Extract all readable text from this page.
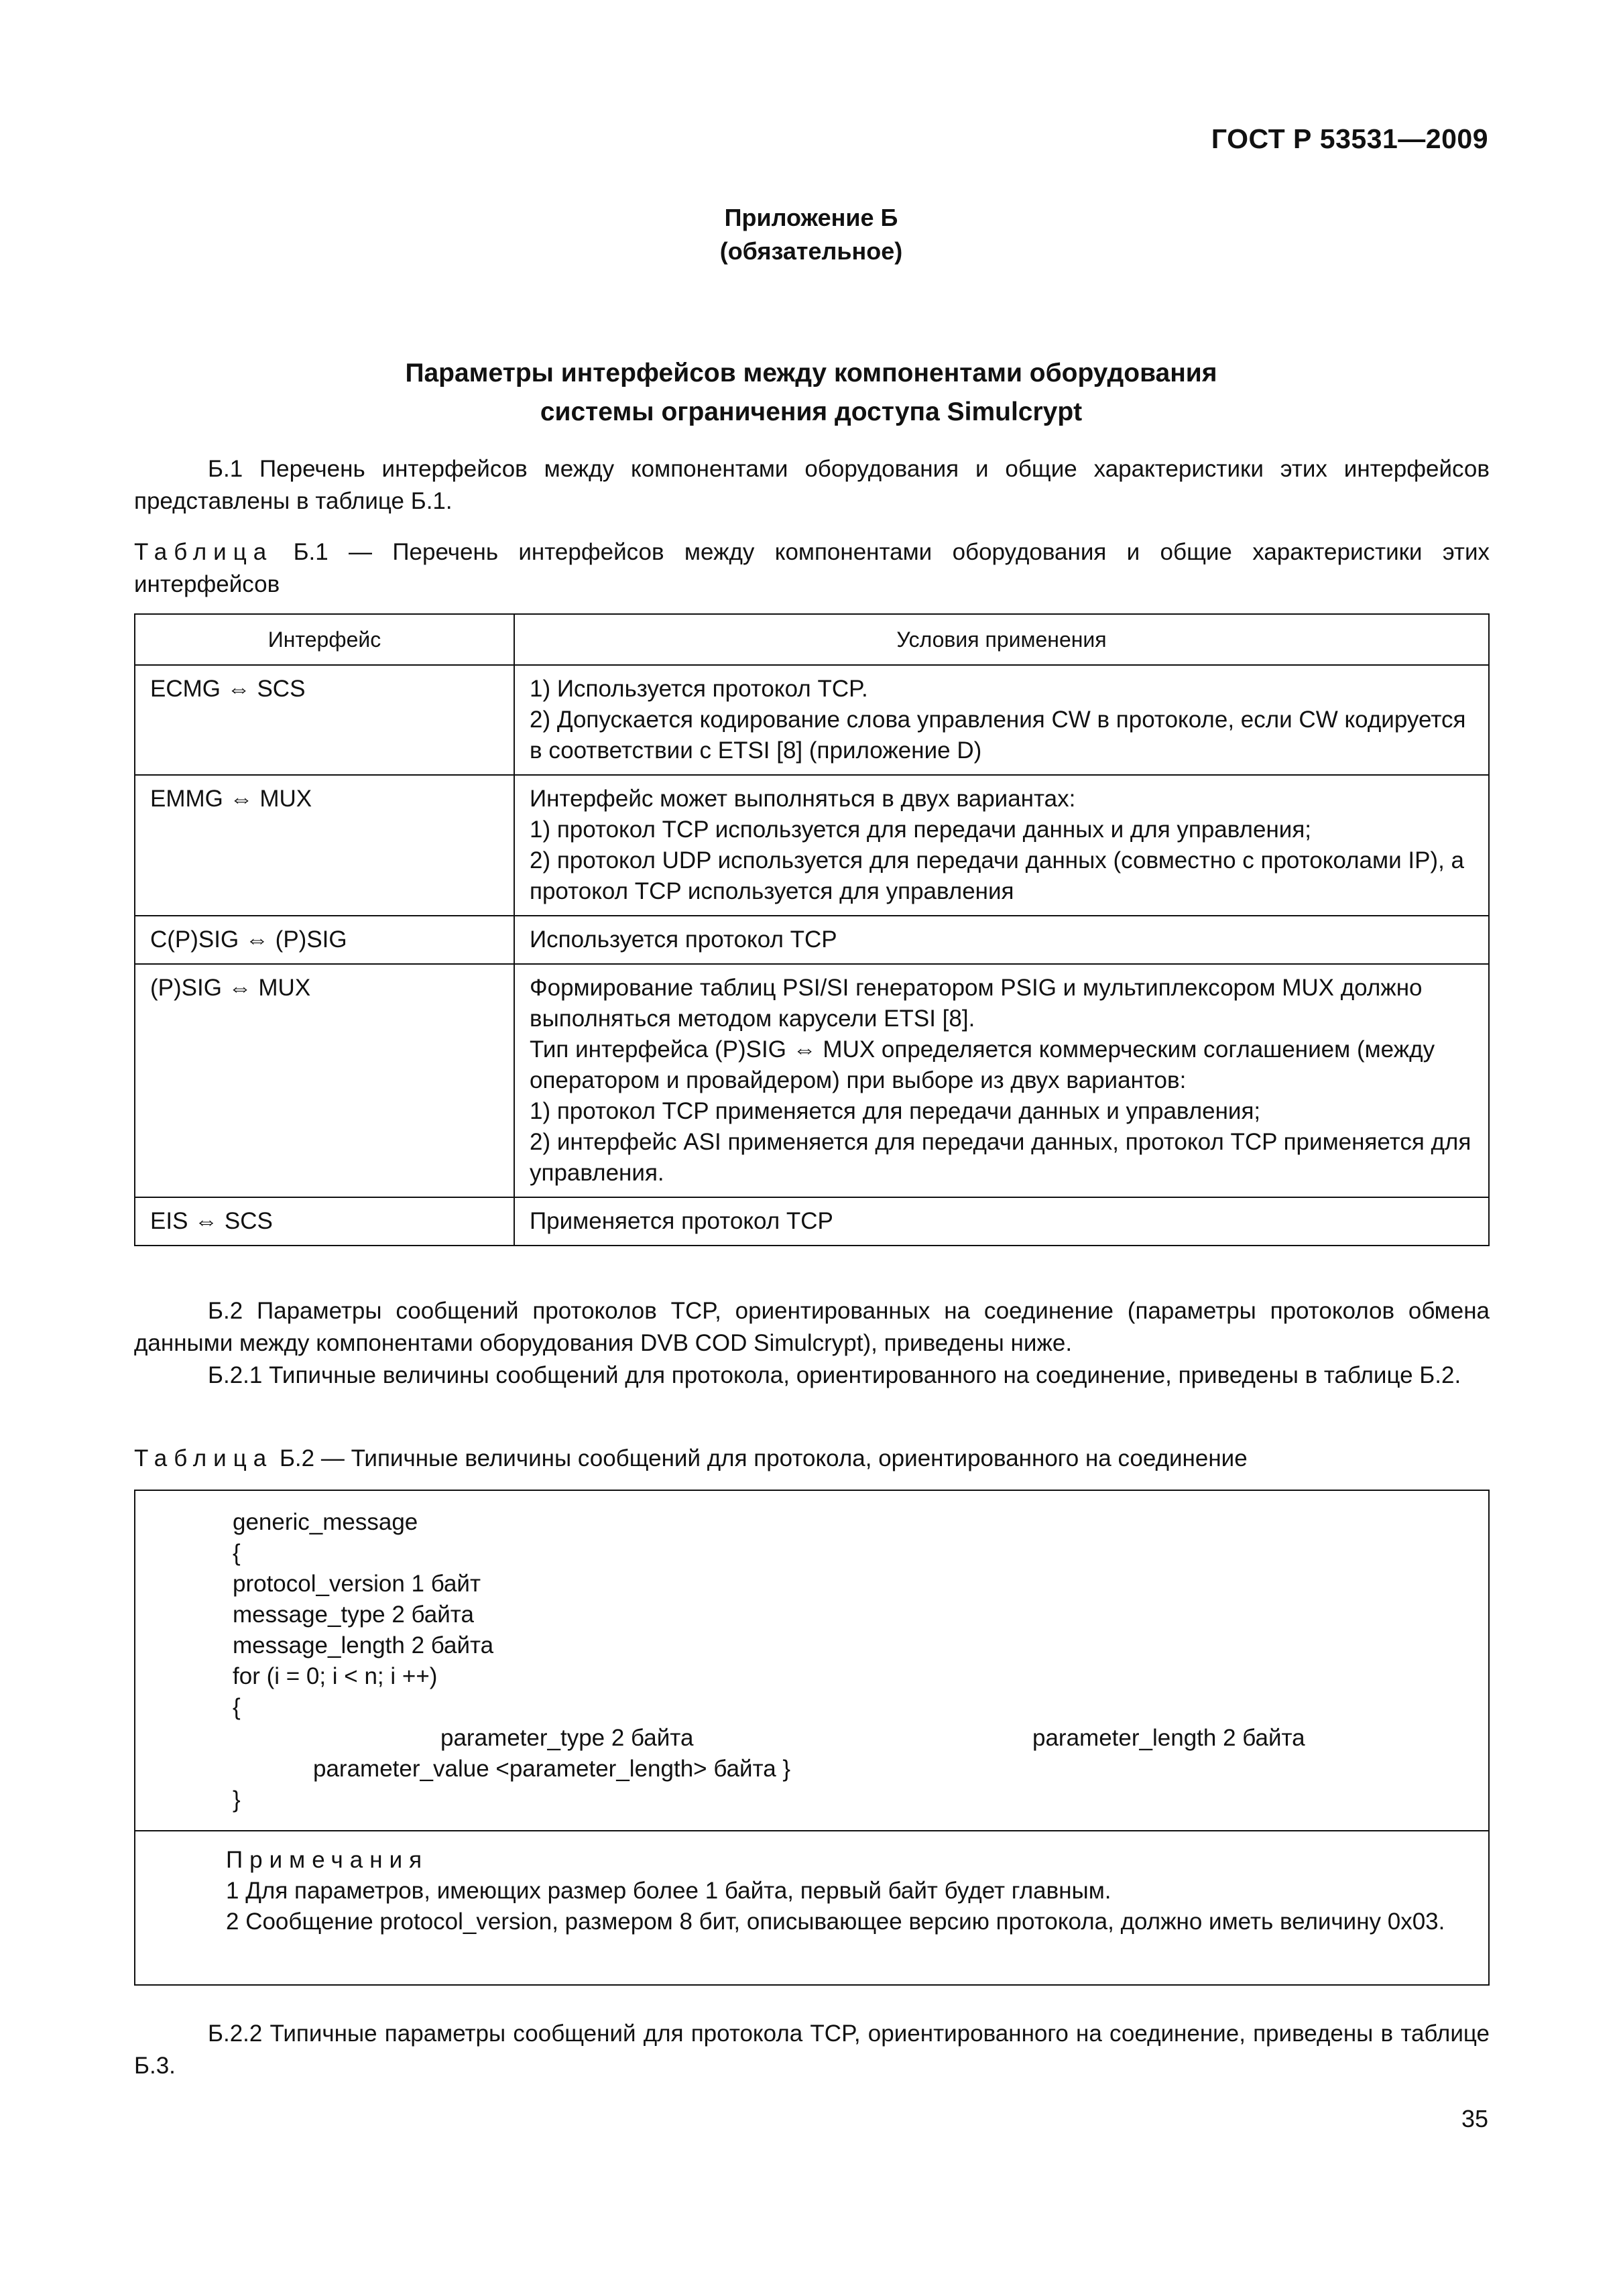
ГОСТ Р 53531—2009
Приложение Б
(обязательное)
Параметры интерфейсов между компонентами оборудования
системы ограничения доступа Simulcrypt

Б.1 Перечень интерфейсов между компонентами оборудования и общие характеристики этих интерфейсов представлены в таблице Б.1.

Таблица Б.1 — Перечень интерфейсов между компонентами оборудования и общие характеристики этих интерфейсов

Интерфейс	Условия применения
ECMG ⇔ SCS	1) Используется протокол TCP.

2) Допускается кодирование слова управления CW в протоколе, если CW кодируется в соответствии с ETSI [8] (приложение D)

EMMG ⇔ MUX	Интерфейс может выполняться в двух вариантах:

1) протокол TCP используется для передачи данных и для управления;

2) протокол UDP используется для передачи данных (совместно с протоколами IP), а протокол TCP используется для управления

C(P)SIG ⇔ (P)SIG	Используется протокол TCP

(P)SIG ⇔ MUX	Формирование таблиц PSI/SI генератором PSIG и мультиплексором MUX должно выполняться методом карусели ETSI [8].

Тип интерфейса (P)SIG ⇔ MUX определяется коммерческим соглашением (между оператором и провайдером) при выборе из двух вариантов:

1) протокол TCP применяется для передачи данных и управления;

2) интерфейс ASI применяется для передачи данных, протокол TCP применяется для управления.

EIS ⇔ SCS	Применяется протокол TCP

Б.2 Параметры сообщений протоколов TCP, ориентированных на соединение (параметры протоколов обмена данными между компонентами оборудования DVB COD Simulcrypt), приведены ниже.

Б.2.1 Типичные величины сообщений для протокола, ориентированного на соединение, приведены в таблице Б.2.

Таблица Б.2 — Типичные величины сообщений для протокола, ориентированного на соединение

generic_message
{
protocol_version 1 байт
message_type 2 байта
message_length 2 байта
for (i = 0; i < n; i ++)
{
parameter_type 2 байта	parameter_length 2 байта
parameter_value <parameter_length> байта }
}

Примечания

1 Для параметров, имеющих размер более 1 байта, первый байт будет главным.

2 Сообщение protocol_version, размером 8 бит, описывающее версию протокола, должно иметь величину 0x03.

Б.2.2 Типичные параметры сообщений для протокола TCP, ориентированного на соединение, приведены в таблице Б.3.

35
